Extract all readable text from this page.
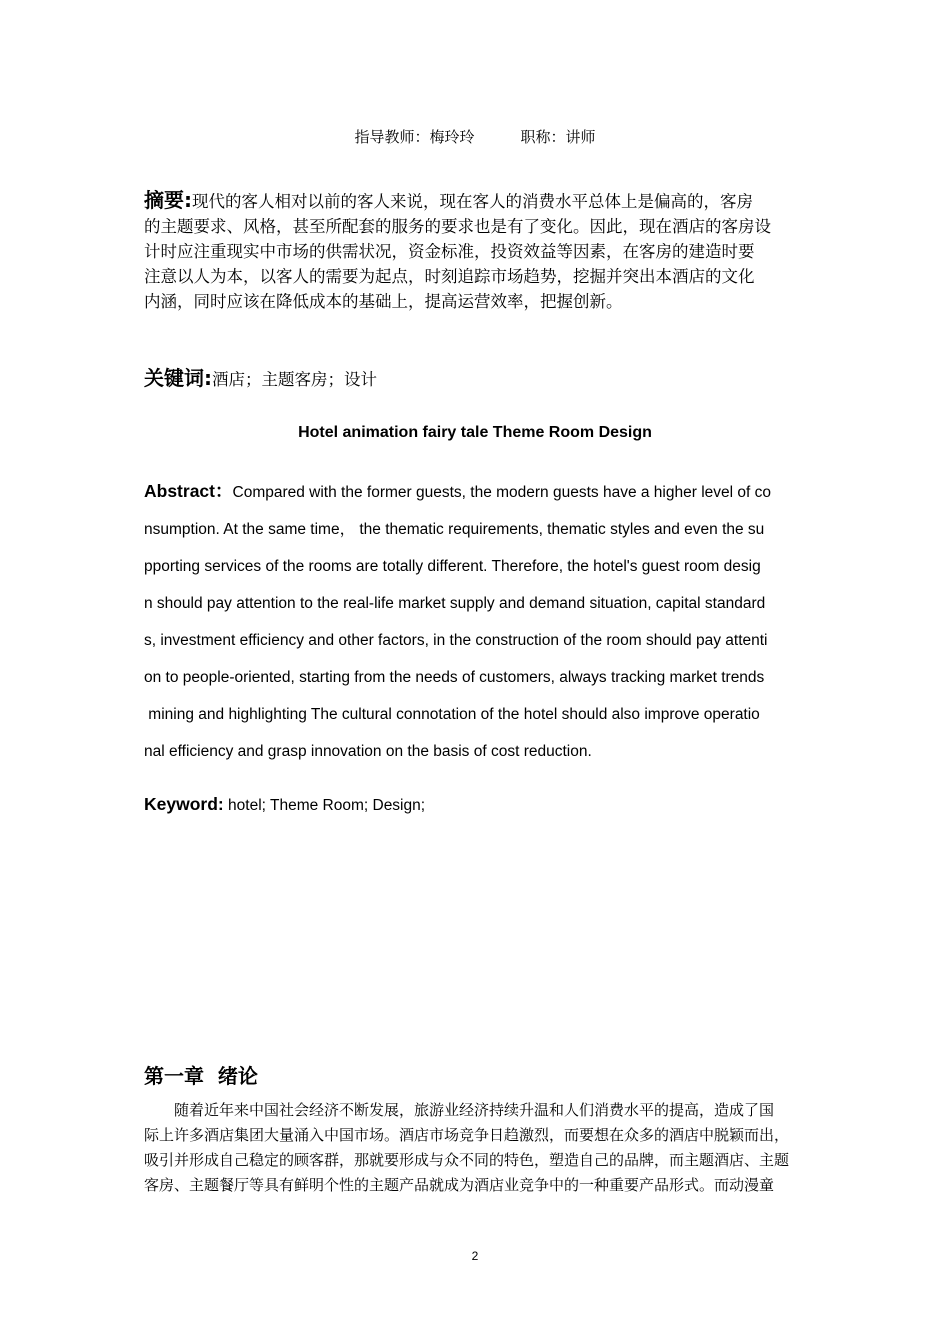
指导教师：梅玲玲	职称：讲师
摘要:现代的客人相对以前的客人来说，现在客人的消费水平总体上是偏高的，客房
的主题要求、风格，甚至所配套的服务的要求也是有了变化。因此，现在酒店的客房设
计时应注重现实中市场的供需状况，资金标准，投资效益等因素，在客房的建造时要
注意以人为本，以客人的需要为起点，时刻追踪市场趋势，挖掘并突出本酒店的文化
内涵，同时应该在降低成本的基础上，提高运营效率，把握创新。
关键词:酒店；主题客房；设计
Hotel animation fairy tale Theme Room Design
Abstract：Compared with the former guests, the modern guests have a higher level of co
nsumption. At the same time， the thematic requirements, thematic styles and even the su
pporting services of the rooms are totally different. Therefore, the hotel's guest room desig
n should pay attention to the real-life market supply and demand situation, capital standard
s, investment efficiency and other factors, in the construction of the room should pay attenti
on to people-oriented, starting from the needs of customers, always tracking market trends
mining and highlighting The cultural connotation of the hotel should also improve operatio
nal efficiency and grasp innovation on the basis of cost reduction.
Keyword: hotel; Theme Room; Design;
第一章  绪论
随着近年来中国社会经济不断发展，旅游业经济持续升温和人们消费水平的提高，造成了国
际上许多酒店集团大量涌入中国市场。酒店市场竞争日趋激烈，而要想在众多的酒店中脱颖而出，
吸引并形成自己稳定的顾客群，那就要形成与众不同的特色，塑造自己的品牌，而主题酒店、主题
客房、主题餐厅等具有鲜明个性的主题产品就成为酒店业竞争中的一种重要产品形式。而动漫童
2
